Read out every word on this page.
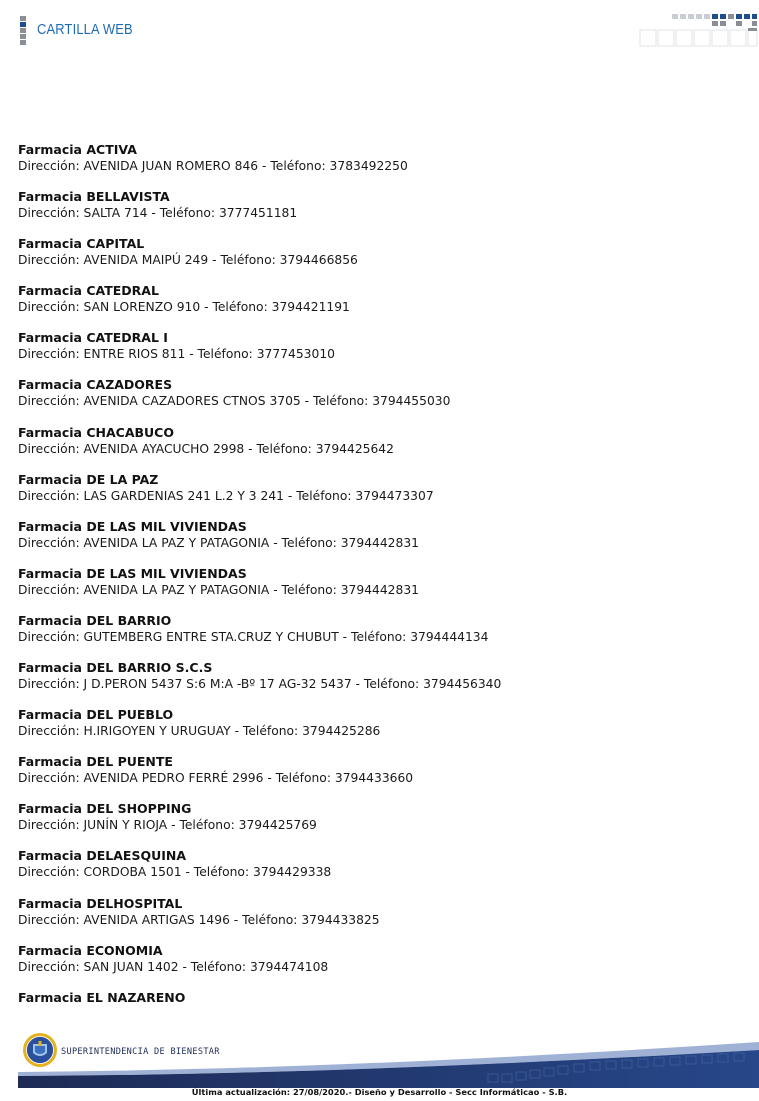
CARTILLA WEB
Farmacia ACTIVA
Dirección: AVENIDA JUAN ROMERO 846 - Teléfono: 3783492250
Farmacia BELLAVISTA
Dirección: SALTA 714 - Teléfono: 3777451181
Farmacia CAPITAL
Dirección: AVENIDA MAIPÚ 249 - Teléfono: 3794466856
Farmacia CATEDRAL
Dirección: SAN LORENZO 910 - Teléfono: 3794421191
Farmacia CATEDRAL I
Dirección: ENTRE RIOS 811 - Teléfono: 3777453010
Farmacia CAZADORES
Dirección: AVENIDA CAZADORES CTNOS 3705 - Teléfono: 3794455030
Farmacia CHACABUCO
Dirección: AVENIDA AYACUCHO 2998 - Teléfono: 3794425642
Farmacia DE LA PAZ
Dirección: LAS GARDENIAS 241 L.2 Y 3 241 - Teléfono: 3794473307
Farmacia DE LAS MIL VIVIENDAS
Dirección: AVENIDA LA PAZ Y PATAGONIA - Teléfono: 3794442831
Farmacia DE LAS MIL VIVIENDAS
Dirección: AVENIDA LA PAZ Y PATAGONIA - Teléfono: 3794442831
Farmacia DEL BARRIO
Dirección: GUTEMBERG ENTRE STA.CRUZ Y CHUBUT - Teléfono: 3794444134
Farmacia DEL BARRIO S.C.S
Dirección: J D.PERON 5437 S:6 M:A -Bº 17 AG-32 5437 - Teléfono: 3794456340
Farmacia DEL PUEBLO
Dirección: H.IRIGOYEN Y URUGUAY - Teléfono: 3794425286
Farmacia DEL PUENTE
Dirección: AVENIDA PEDRO FERRÉ 2996 - Teléfono: 3794433660
Farmacia DEL SHOPPING
Dirección: JUNÍN Y RIOJA - Teléfono: 3794425769
Farmacia DELAESQUINA
Dirección: CORDOBA 1501 - Teléfono: 3794429338
Farmacia DELHOSPITAL
Dirección: AVENIDA ARTIGAS 1496 - Teléfono: 3794433825
Farmacia ECONOMIA
Dirección: SAN JUAN 1402 - Teléfono: 3794474108
Farmacia EL NAZARENO
SUPERINTENDENCIA DE BIENESTAR
Última actualización: 27/08/2020.- Diseño y Desarrollo - Secc Informáticao - S.B.
